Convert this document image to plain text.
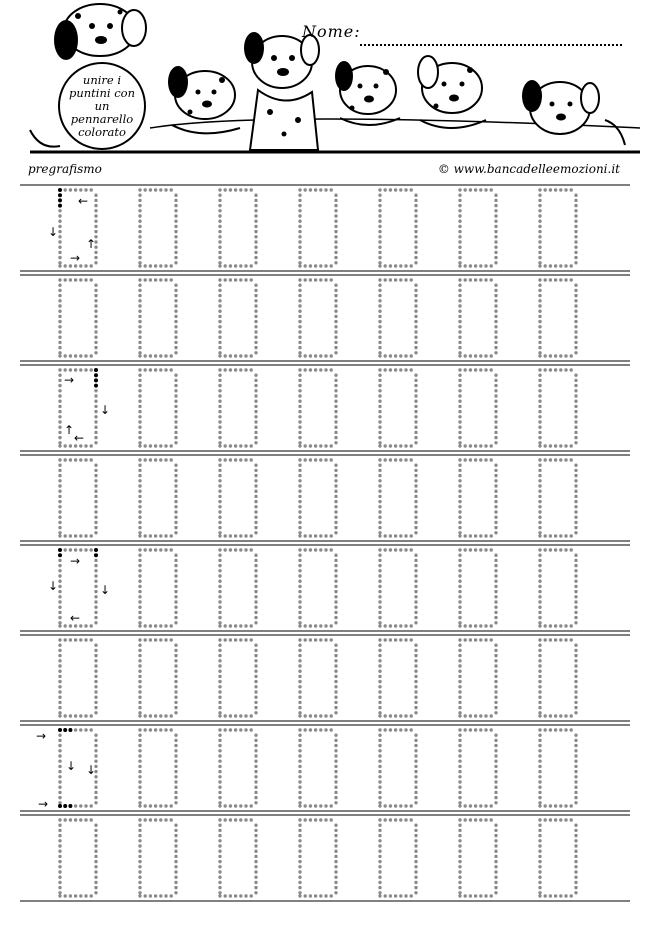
Nome:
unire i puntini con un pennarello colorato
pregrafismo	© www.bancadelleemozioni.it
←
↓
↑
→
→
↓
↑
←
→
↓	↓
←
→
↓ ↓
→
